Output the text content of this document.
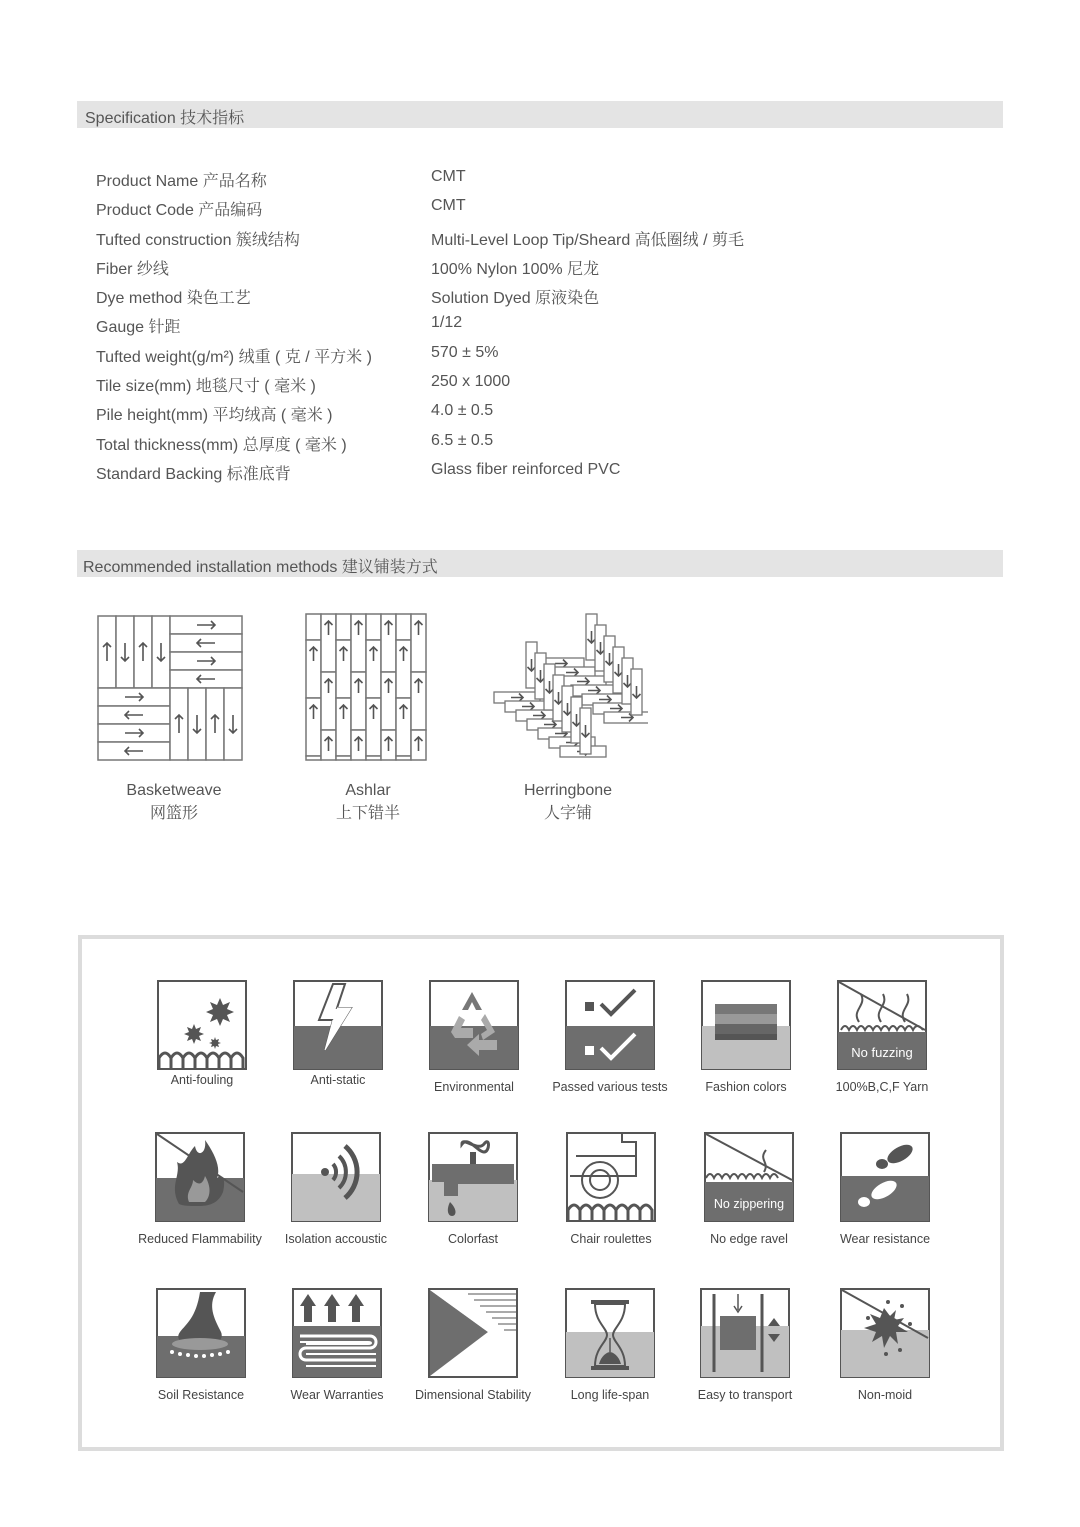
Specification 技术指标
Product Name 产品名称	CMT
Product Code 产品编码	CMT
Tufted construction 簇绒结构	Multi-Level Loop Tip/Sheard 高低圈绒 / 剪毛
Fiber 纱线	100% Nylon 100% 尼龙
Dye method 染色工艺	Solution Dyed 原液染色
Gauge 针距	1/12
Tufted weight(g/m²) 绒重 ( 克 / 平方米 )	570 ± 5%
Tile size(mm) 地毯尺寸 ( 毫米 )	250 x 1000
Pile height(mm) 平均绒高 ( 毫米 )	4.0 ± 0.5
Total thickness(mm) 总厚度 ( 毫米 )	6.5 ± 0.5
Standard Backing 标准底背	Glass fiber reinforced PVC
Recommended installation methods 建议铺装方式
Basketweave
网篮形
Ashlar
上下错半
Herringbone
人字铺
Anti-fouling	Anti-static	Environmental	Passed various tests	Fashion colors
No fuzzing
100%B,C,F Yarn
Reduced Flammability	Isolation accoustic	Colorfast	Chair roulettes
No zippering
No edge ravel	Wear resistance
Soil Resistance	Wear Warranties	Dimensional Stability	Long life-span	Easy to transport	Non-moid
